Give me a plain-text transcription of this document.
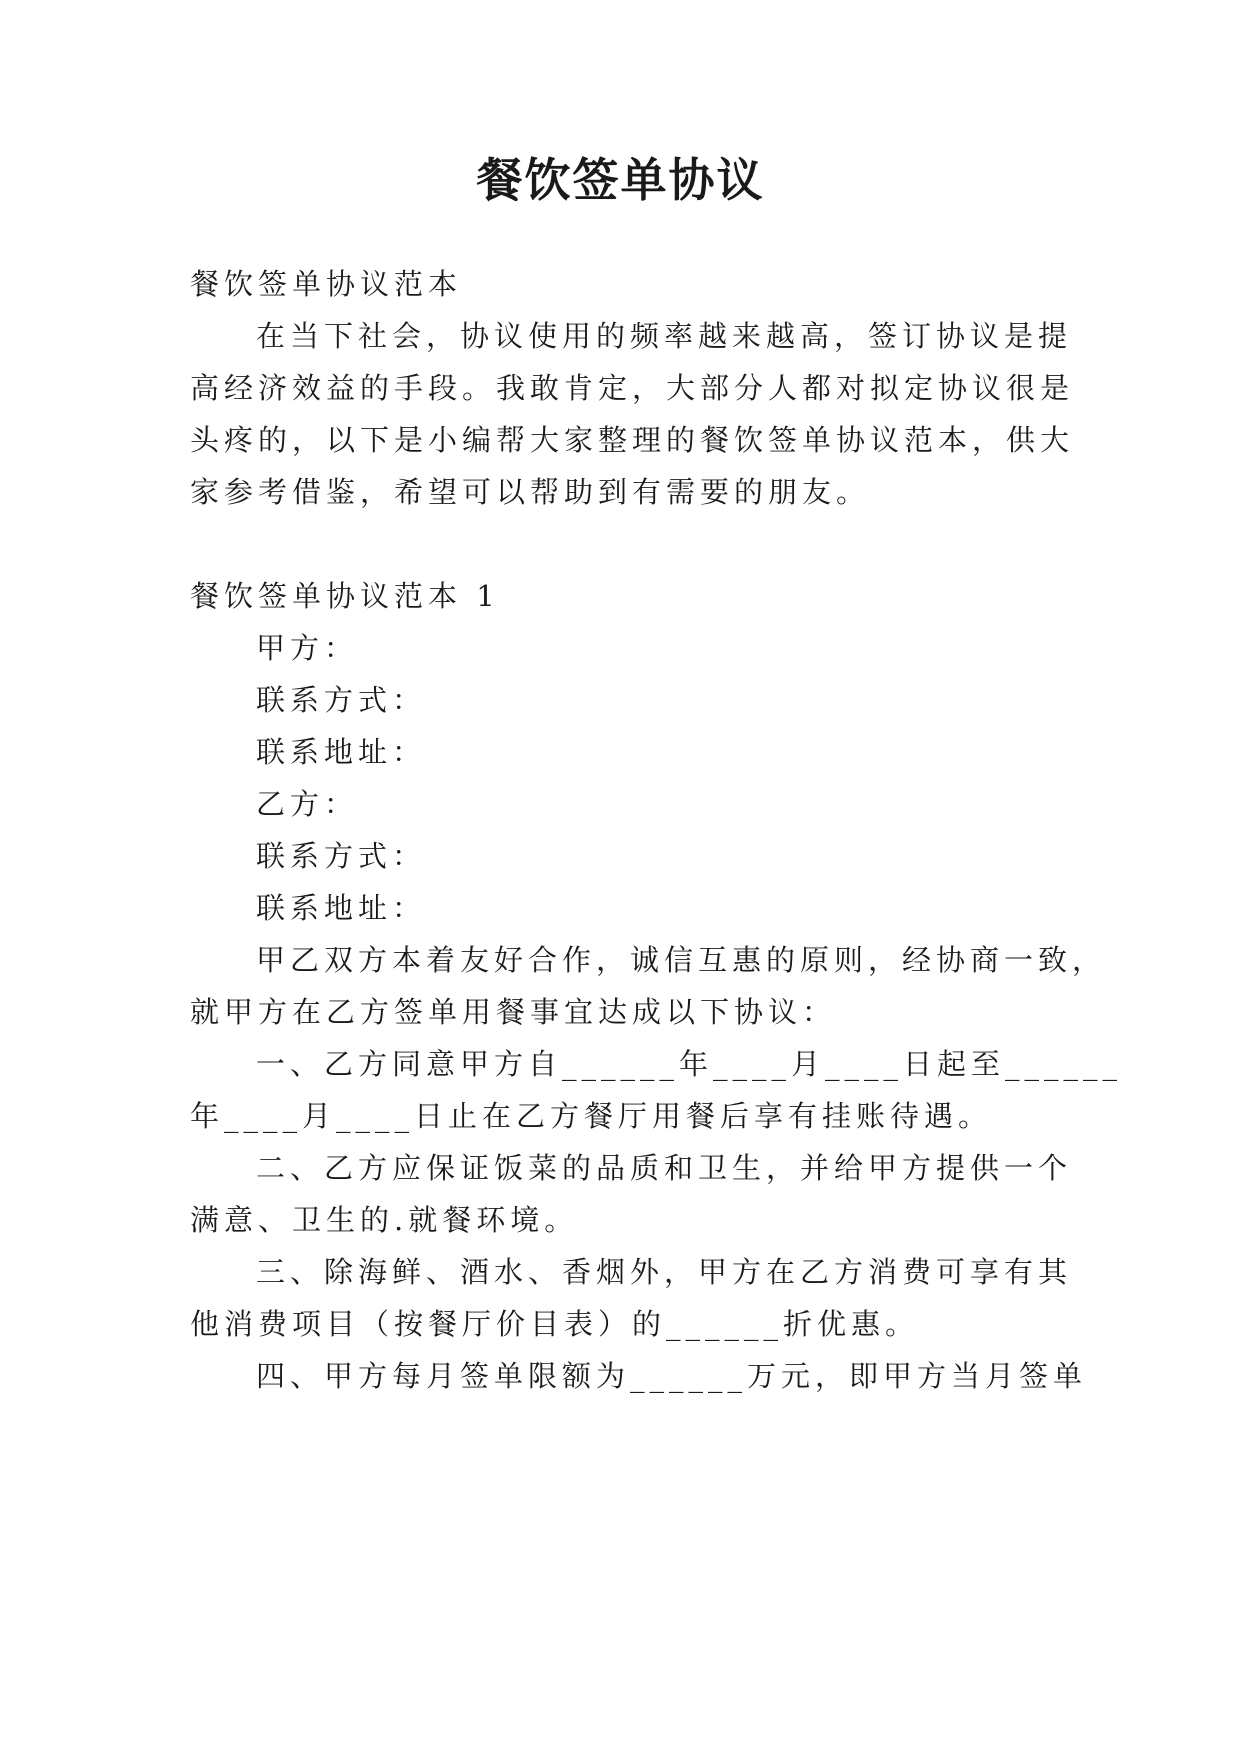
餐饮签单协议
餐饮签单协议范本
在当下社会，协议使用的频率越来越高，签订协议是提
高经济效益的手段。我敢肯定，大部分人都对拟定协议很是
头疼的，以下是小编帮大家整理的餐饮签单协议范本，供大
家参考借鉴，希望可以帮助到有需要的朋友。
餐饮签单协议范本 1
甲方：
联系方式：
联系地址：
乙方：
联系方式：
联系地址：
甲乙双方本着友好合作，诚信互惠的原则，经协商一致，
就甲方在乙方签单用餐事宜达成以下协议：
一、乙方同意甲方自______年____月____日起至______
年____月____日止在乙方餐厅用餐后享有挂账待遇。
二、乙方应保证饭菜的品质和卫生，并给甲方提供一个
满意、卫生的.就餐环境。
三、除海鲜、酒水、香烟外，甲方在乙方消费可享有其
他消费项目（按餐厅价目表）的______折优惠。
四、甲方每月签单限额为______万元，即甲方当月签单
